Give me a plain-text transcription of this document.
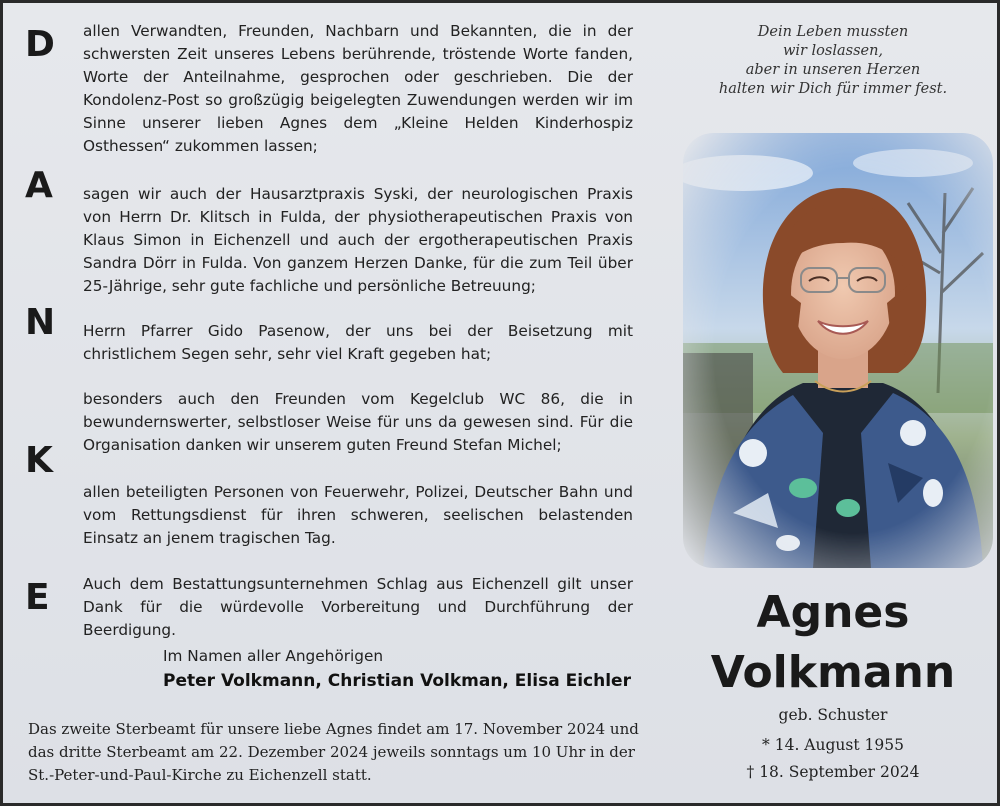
D
A
N
K
E
allen Verwandten, Freunden, Nachbarn und Bekannten, die in der schwersten Zeit unseres Lebens berührende, tröstende Worte fanden, Worte der Anteilnahme, gesprochen oder geschrieben. Die der Kondolenz-Post so großzügig beigelegten Zuwendungen werden wir im Sinne unserer lieben Agnes dem „Kleine Helden Kinderhospiz Osthessen“ zukommen lassen;
sagen wir auch der Hausarztpraxis Syski, der neurologischen Praxis von Herrn Dr. Klitsch in Fulda, der physiotherapeutischen Praxis von Klaus Simon in Eichenzell und auch der ergotherapeutischen Praxis Sandra Dörr in Fulda. Von ganzem Herzen Danke, für die zum Teil über 25-Jährige, sehr gute fachliche und persönliche Betreuung;
Herrn Pfarrer Gido Pasenow, der uns bei der Beisetzung mit christlichem Segen sehr, sehr viel Kraft gegeben hat;
besonders auch den Freunden vom Kegelclub WC 86, die in bewundernswerter, selbstloser Weise für uns da gewesen sind. Für die Organisation danken wir unserem guten Freund Stefan Michel;
allen beteiligten Personen von Feuerwehr, Polizei, Deutscher Bahn und vom Rettungsdienst für ihren schweren, seelischen belastenden Einsatz an jenem tragischen Tag.
Auch dem Bestattungsunternehmen Schlag aus Eichenzell gilt unser Dank für die würdevolle Vorbereitung und Durchführung der Beerdigung.
Im Namen aller Angehörigen
Peter Volkmann, Christian Volkman, Elisa Eichler
Das zweite Sterbeamt für unsere liebe Agnes findet am 17. November 2024 und das dritte Sterbeamt am 22. Dezember 2024 jeweils sonntags um 10 Uhr in der St.-Peter-und-Paul-Kirche zu Eichenzell statt.
Dein Leben mussten
wir loslassen,
aber in unseren Herzen
halten wir Dich für immer fest.
Agnes
Volkmann
geb. Schuster
* 14. August 1955
† 18. September 2024
